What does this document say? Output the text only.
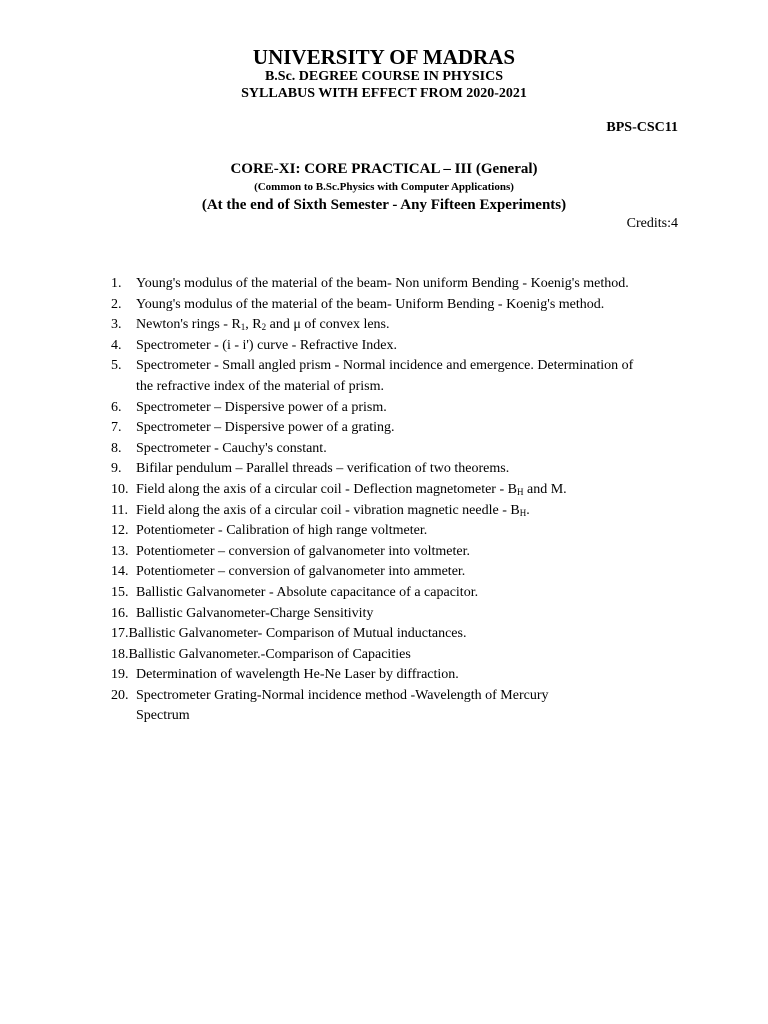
UNIVERSITY OF MADRAS
B.Sc. DEGREE COURSE IN PHYSICS
SYLLABUS WITH EFFECT FROM 2020-2021
BPS-CSC11
CORE-XI: CORE PRACTICAL – III (General)
(Common to B.Sc.Physics with Computer Applications)
(At the end of Sixth Semester - Any Fifteen Experiments)
Credits:4
1.	Young's modulus of the material of the beam- Non uniform Bending - Koenig's method.
2.	Young's modulus of the material of the beam- Uniform Bending - Koenig's method.
3.	Newton's rings - $R_1$, $R_2$ and μ of convex lens.
4.	Spectrometer - (i - i') curve - Refractive Index.
5. Spectrometer - Small angled prism - Normal incidence and emergence. Determination of
the refractive index of the material of prism.
6.	Spectrometer – Dispersive power of a prism.
7.	Spectrometer – Dispersive power of a grating.
8.	Spectrometer - Cauchy's constant.
9.	Bifilar pendulum – Parallel threads – verification of two theorems.
10. Field along the axis of a circular coil - Deflection magnetometer - $B_H$ and M.
11. Field along the axis of a circular coil - vibration magnetic needle - $B_H$.
12. Potentiometer - Calibration of high range voltmeter.
13. Potentiometer – conversion of galvanometer into voltmeter.
14. Potentiometer – conversion of galvanometer into ammeter.
15. Ballistic Galvanometer - Absolute capacitance of a capacitor.
16. Ballistic Galvanometer-Charge Sensitivity
17.Ballistic Galvanometer- Comparison of Mutual inductances.
18.Ballistic Galvanometer.-Comparison of Capacities
19. Determination of wavelength He-Ne Laser by diffraction.
20. Spectrometer Grating-Normal incidence method -Wavelength of Mercury
Spectrum
